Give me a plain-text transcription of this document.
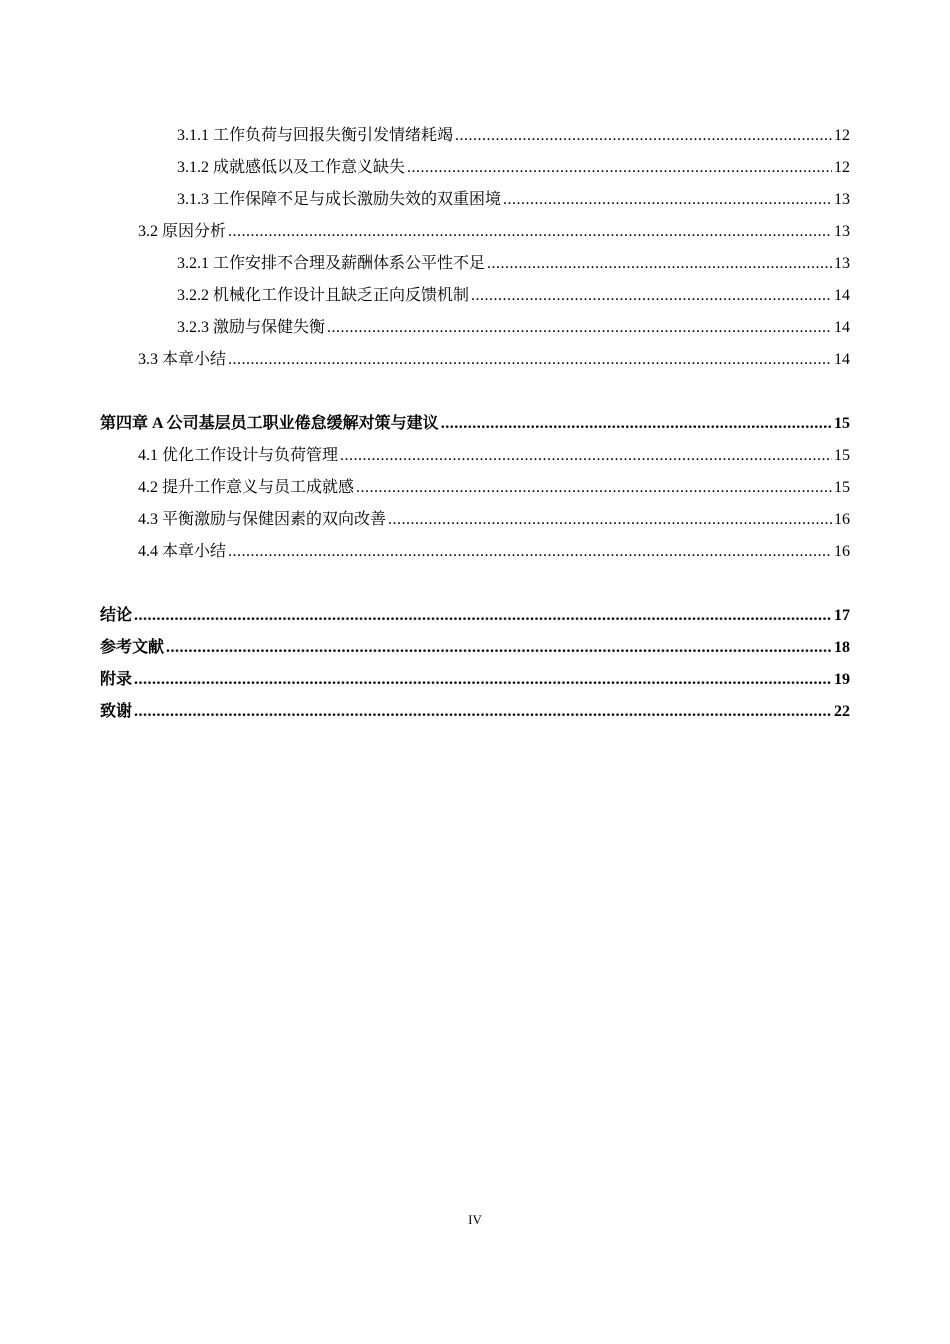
3.1.1 工作负荷与回报失衡引发情绪耗竭 .....	12
3.1.2 成就感低以及工作意义缺失 .....	12
3.1.3 工作保障不足与成长激励失效的双重困境 .....	13
3.2 原因分析 .....	13
3.2.1 工作安排不合理及薪酬体系公平性不足 .....	13
3.2.2 机械化工作设计且缺乏正向反馈机制 .....	14
3.2.3 激励与保健失衡 .....	14
3.3 本章小结 .....	14
第四章 A 公司基层员工职业倦怠缓解对策与建议 .....	15
4.1 优化工作设计与负荷管理 .....	15
4.2 提升工作意义与员工成就感 .....	15
4.3 平衡激励与保健因素的双向改善 .....	16
4.4 本章小结 .....	16
结论 .....	17
参考文献 .....	18
附录 .....	19
致谢 .....	22
IV
